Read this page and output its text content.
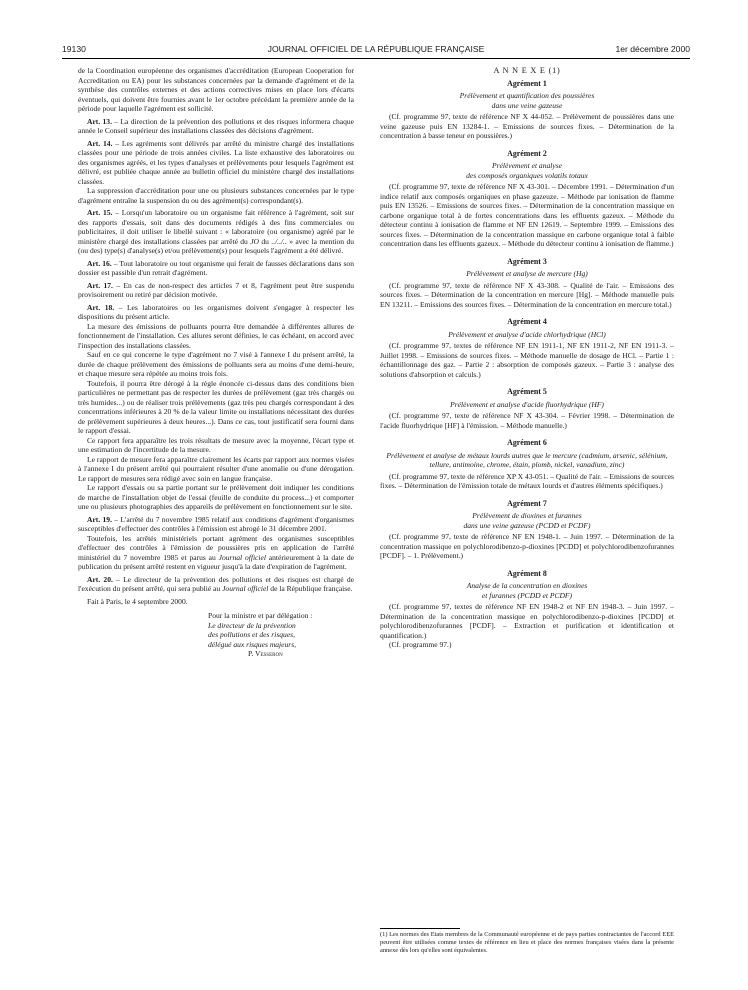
19130	JOURNAL OFFICIEL DE LA RÉPUBLIQUE FRANÇAISE	1er décembre 2000

de la Coordination européenne des organismes d'accréditation (European Cooperation for Accreditation ou EA) pour les substances concernées par la demande d'agrément et de la synthèse des contrôles externes et des actions correctives mises en place lors d'écarts éventuels, qui doivent être fournies avant le 1er octobre précédant la première année de la période pour laquelle l'agrément est sollicité.

Art. 13. – La direction de la prévention des pollutions et des risques informera chaque année le Conseil supérieur des installations classées des décisions d'agrément.

Art. 14. – Les agréments sont délivrés par arrêté du ministre chargé des installations classées pour une période de trois années civiles. La liste exhaustive des laboratoires ou des organismes agréés, et les types d'analyses et prélèvements pour lesquels l'agrément est délivré, est publiée chaque année au bulletin officiel du ministère chargé des installations classées.

La suppression d'accréditation pour une ou plusieurs substances concernées par le type d'agrément entraîne la suspension du ou des agrément(s) correspondant(s).

Art. 15. – Lorsqu'un laboratoire ou un organisme fait référence à l'agrément, soit sur des rapports d'essais, soit dans des documents rédigés à des fins commerciales ou publicitaires, il doit utiliser le libellé suivant : « laboratoire (ou organisme) agréé par le ministère chargé des installations classées par arrêté du JO du ../../.. » avec la mention du (ou des) type(s) d'analyse(s) et/ou prélèvement(s) pour lesquels l'agrément a été délivré.

Art. 16. – Tout laboratoire ou tout organisme qui ferait de fausses déclarations dans son dossier est passible d'un retrait d'agrément.

Art. 17. – En cas de non-respect des articles 7 et 8, l'agrément peut être suspendu provisoirement ou retiré par décision motivée.

Art. 18. – Les laboratoires ou les organismes doivent s'engager à respecter les dispositions du présent article.

La mesure des émissions de polluants pourra être demandée à différentes allures de fonctionnement de l'installation. Ces allures seront définies, le cas échéant, en accord avec l'inspection des installations classées.

Sauf en ce qui concerne le type d'agrément no 7 visé à l'annexe I du présent arrêté, la durée de chaque prélèvement des émissions de polluants sera au moins d'une demi-heure, et chaque mesure sera répétée au moins trois fois.

Toutefois, il pourra être dérogé à la règle énoncée ci-dessus dans des conditions bien particulières ne permettant pas de respecter les durées de prélèvement (gaz très chargés ou très humides...) ou de réaliser trois prélèvements (gaz très peu chargés correspondant à des concentrations inférieures à 20 % de la valeur limite ou installations nécessitant des durées de prélèvement supérieures à deux heures...). Dans ce cas, tout justificatif sera fourni dans le rapport d'essai.

Ce rapport fera apparaître les trois résultats de mesure avec la moyenne, l'écart type et une estimation de l'incertitude de la mesure.

Le rapport de mesure fera apparaître clairement les écarts par rapport aux normes visées à l'annexe I du présent arrêté qui pourraient résulter d'une anomalie ou d'une dérogation. Le rapport de mesures sera rédigé avec soin en langue française.

Le rapport d'essais ou sa partie portant sur le prélèvement doit indiquer les conditions de marche de l'installation objet de l'essai (feuille de conduite du process...) et comporter une ou plusieurs photographies des appareils de prélèvement en fonctionnement sur le site.

Art. 19. – L'arrêté du 7 novembre 1985 relatif aux conditions d'agrément d'organismes susceptibles d'effectuer des contrôles à l'émission est abrogé le 31 décembre 2001.

Toutefois, les arrêtés ministériels portant agrément des organismes susceptibles d'effectuer des contrôles à l'émission de poussières pris en application de l'arrêté ministériel du 7 novembre 1985 et parus au Journal officiel antérieurement à la date de publication du présent arrêté restent en vigueur jusqu'à la date d'expiration de l'agrément.

Art. 20. – Le directeur de la prévention des pollutions et des risques est chargé de l'exécution du présent arrêté, qui sera publié au Journal officiel de la République française.

Fait à Paris, le 4 septembre 2000.

Pour la ministre et par délégation :
Le directeur de la prévention
des pollutions et des risques,
délégué aux risques majeurs,
P. Vesseron
A N N E X E (1)
Agrément 1
Prélèvement et quantification des poussières
dans une veine gazeuse

(Cf. programme 97, texte de référence NF X 44-052. – Prélèvement de poussières dans une veine gazeuse puis EN 13284-1. – Emissions de sources fixes. – Détermination de la concentration à basse teneur en poussières.)

Agrément 2
Prélèvement et analyse
des composés organiques volatils totaux

(Cf. programme 97, texte de référence NF X 43-301. – Décembre 1991. – Détermination d'un indice relatif aux composés organiques en phase gazeuze. – Méthode par ionisation de flamme puis EN 13526. – Emissions de sources fixes. – Détermination de la concentration massique en carbone organique total à de fortes concentrations dans les effluents gazeux. – Méthode du détecteur continu à ionisation de flamme et NF EN 12619. – Septembre 1999. – Emissions des sources fixes. – Détermination de la concentration massique en carbone organique total à faible concentration dans les effluents gazeux. – Méthode du détecteur continu à ionisation de flamme.)

Agrément 3
Prélèvement et analyse de mercure (Hg)

(Cf. programme 97, texte de référence NF X 43-308. – Qualité de l'air. – Emissions des sources fixes. – Détermination de la concentration en mercure [Hg]. – Méthode manuelle puis EN 13211. – Emissions des sources fixes. – Détermination de la concentration en mercure total.)

Agrément 4
Prélèvement et analyse d'acide chlorhydrique (HCl)

(Cf. programme 97, textes de référence NF EN 1911-1, NF EN 1911-2, NF EN 1911-3. – Juillet 1998. – Emissions de sources fixes. – Méthode manuelle de dosage de HCl. – Partie 1 : échantillonnage des gaz. – Partie 2 : absorption de composés gazeux. – Partie 3 : analyse des solutions d'absorption et calculs.)

Agrément 5
Prélèvement et analyse d'acide fluorhydrique (HF)

(Cf. programme 97, texte de référence NF X 43-304. – Février 1998. – Détermination de l'acide fluorhydrique [HF] à l'émission. – Méthode manuelle.)

Agrément 6
Prélèvement et analyse de métaux lourds autres que le mercure (cadmium, arsenic, sélénium, tellure, antimoine, chrome, étain, plomb, nickel, vanadium, zinc)

(Cf. programme 97, texte de référence XP X 43-051. – Qualité de l'air. – Emissions de sources fixes. – Détermination de l'émission totale de métaux lourds et d'autres éléments spécifiques.)

Agrément 7
Prélèvement de dioxines et furannes
dans une veine gazeuse (PCDD et PCDF)

(Cf. programme 97, texte de référence NF EN 1948-1. – Juin 1997. – Détermination de la concentration massique en polychlorodibenzo-p-dioxines [PCDD] et polychlorodibenzofurannes [PCDF]. – 1. Prélèvement.)

Agrément 8
Analyse de la concentration en dioxines
et furannes (PCDD et PCDF)

(Cf. programme 97, textes de référence NF EN 1948-2 et NF EN 1948-3. – Juin 1997. – Détermination de la concentration massique en polychlorodibenzo-p-dioxines [PCDD] et polychlorodibenzofurannes [PCDF]. – Extraction et purification et identification et quantification.)

(Cf. programme 97.)

(1) Les normes des Etats membres de la Communauté européenne et de pays parties contractantes de l'accord EEE peuvent être utilisées comme textes de référence en lieu et place des normes françaises visées dans la présente annexe dès lors qu'elles sont équivalentes.
